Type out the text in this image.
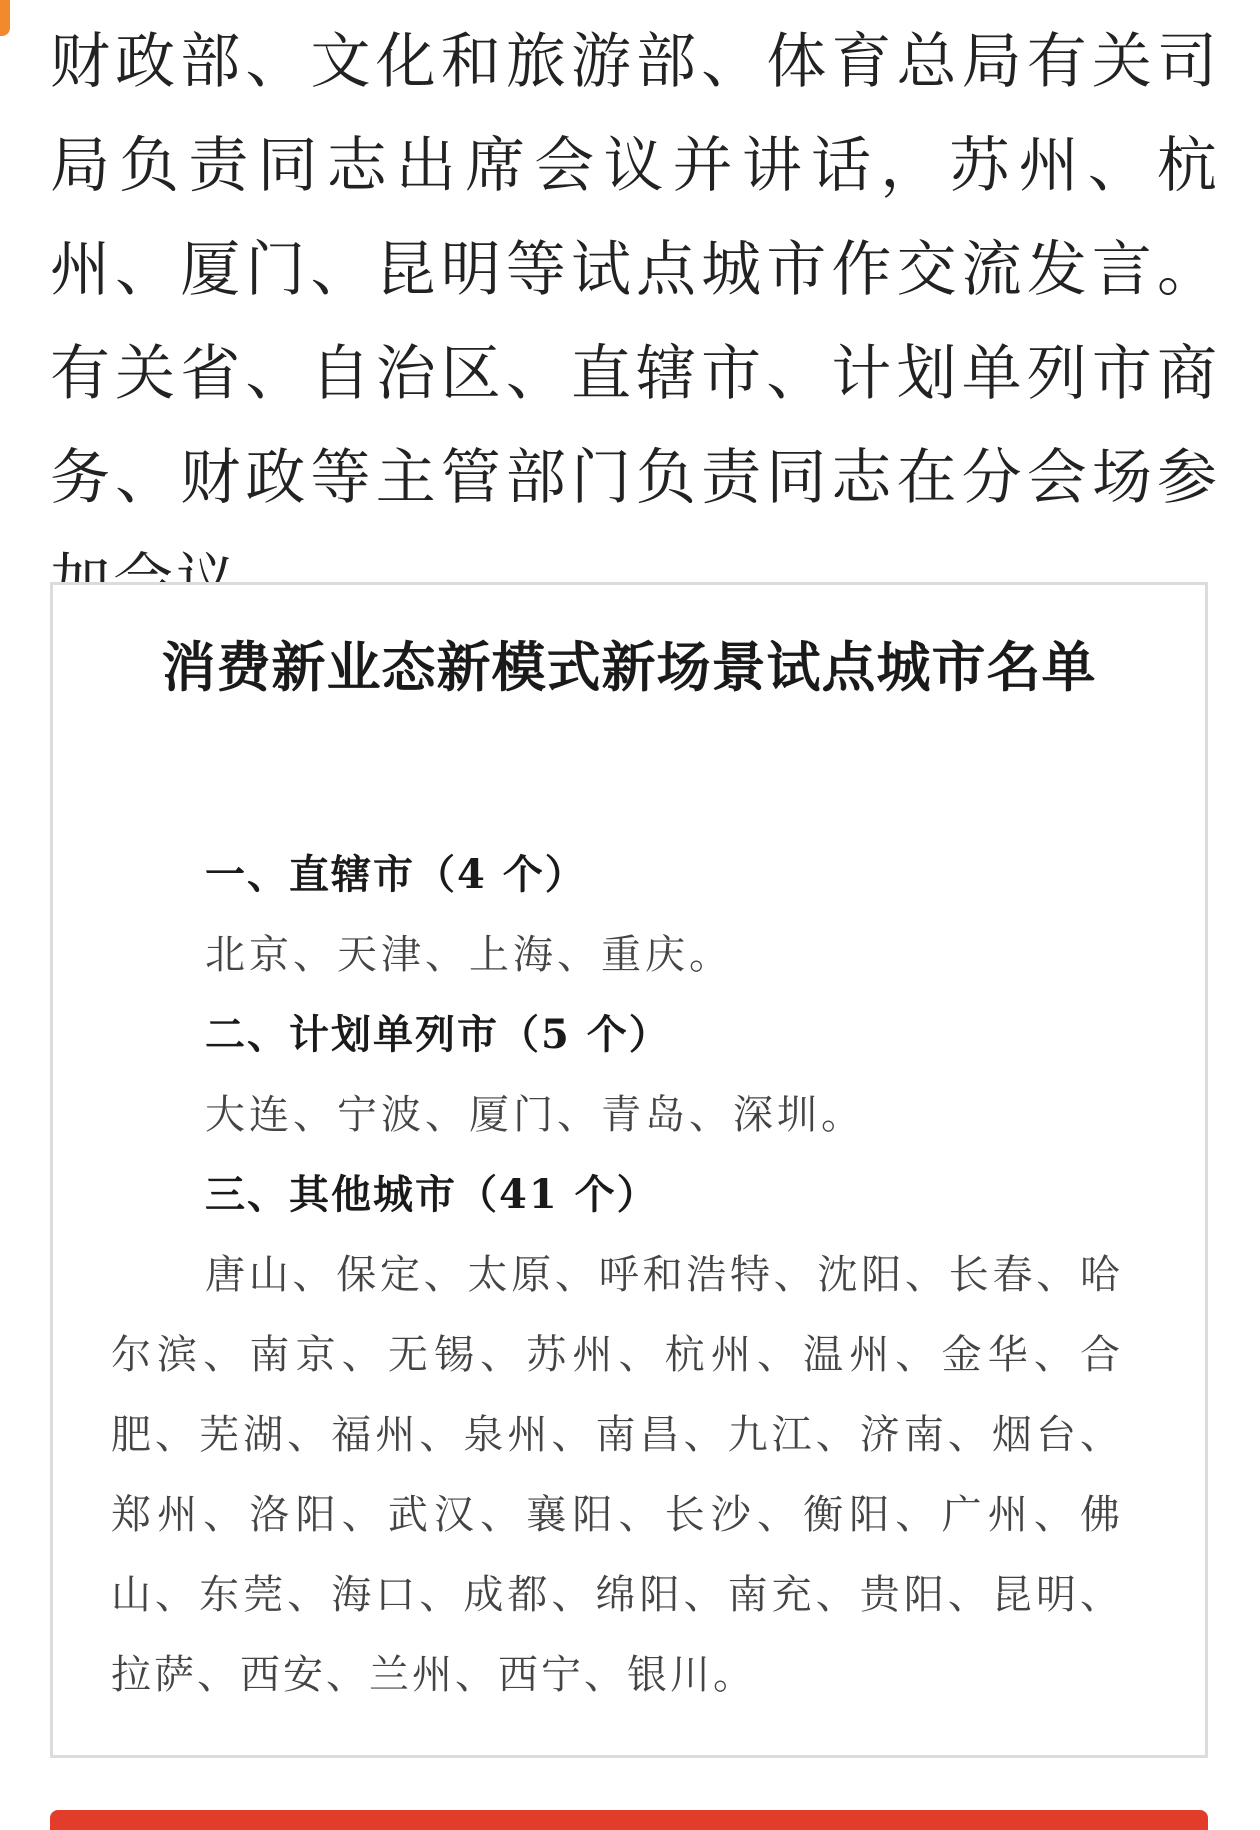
财政部、文化和旅游部、体育总局有关司局负责同志出席会议并讲话，苏州、杭州、厦门、昆明等试点城市作交流发言。有关省、自治区、直辖市、计划单列市商务、财政等主管部门负责同志在分会场参

消费新业态新模式新场景试点城市名单

一、直辖市（4 个）

北京、天津、上海、重庆。

二、计划单列市（5 个）

大连、宁波、厦门、青岛、深圳。

三、其他城市（41 个）

唐山、保定、太原、呼和浩特、沈阳、长春、哈尔滨、南京、无锡、苏州、杭州、温州、金华、合肥、芜湖、福州、泉州、南昌、九江、济南、烟台、郑州、洛阳、武汉、襄阳、长沙、衡阳、广州、佛山、东莞、海口、成都、绵阳、南充、贵阳、昆明、拉萨、西安、兰州、西宁、银川。
